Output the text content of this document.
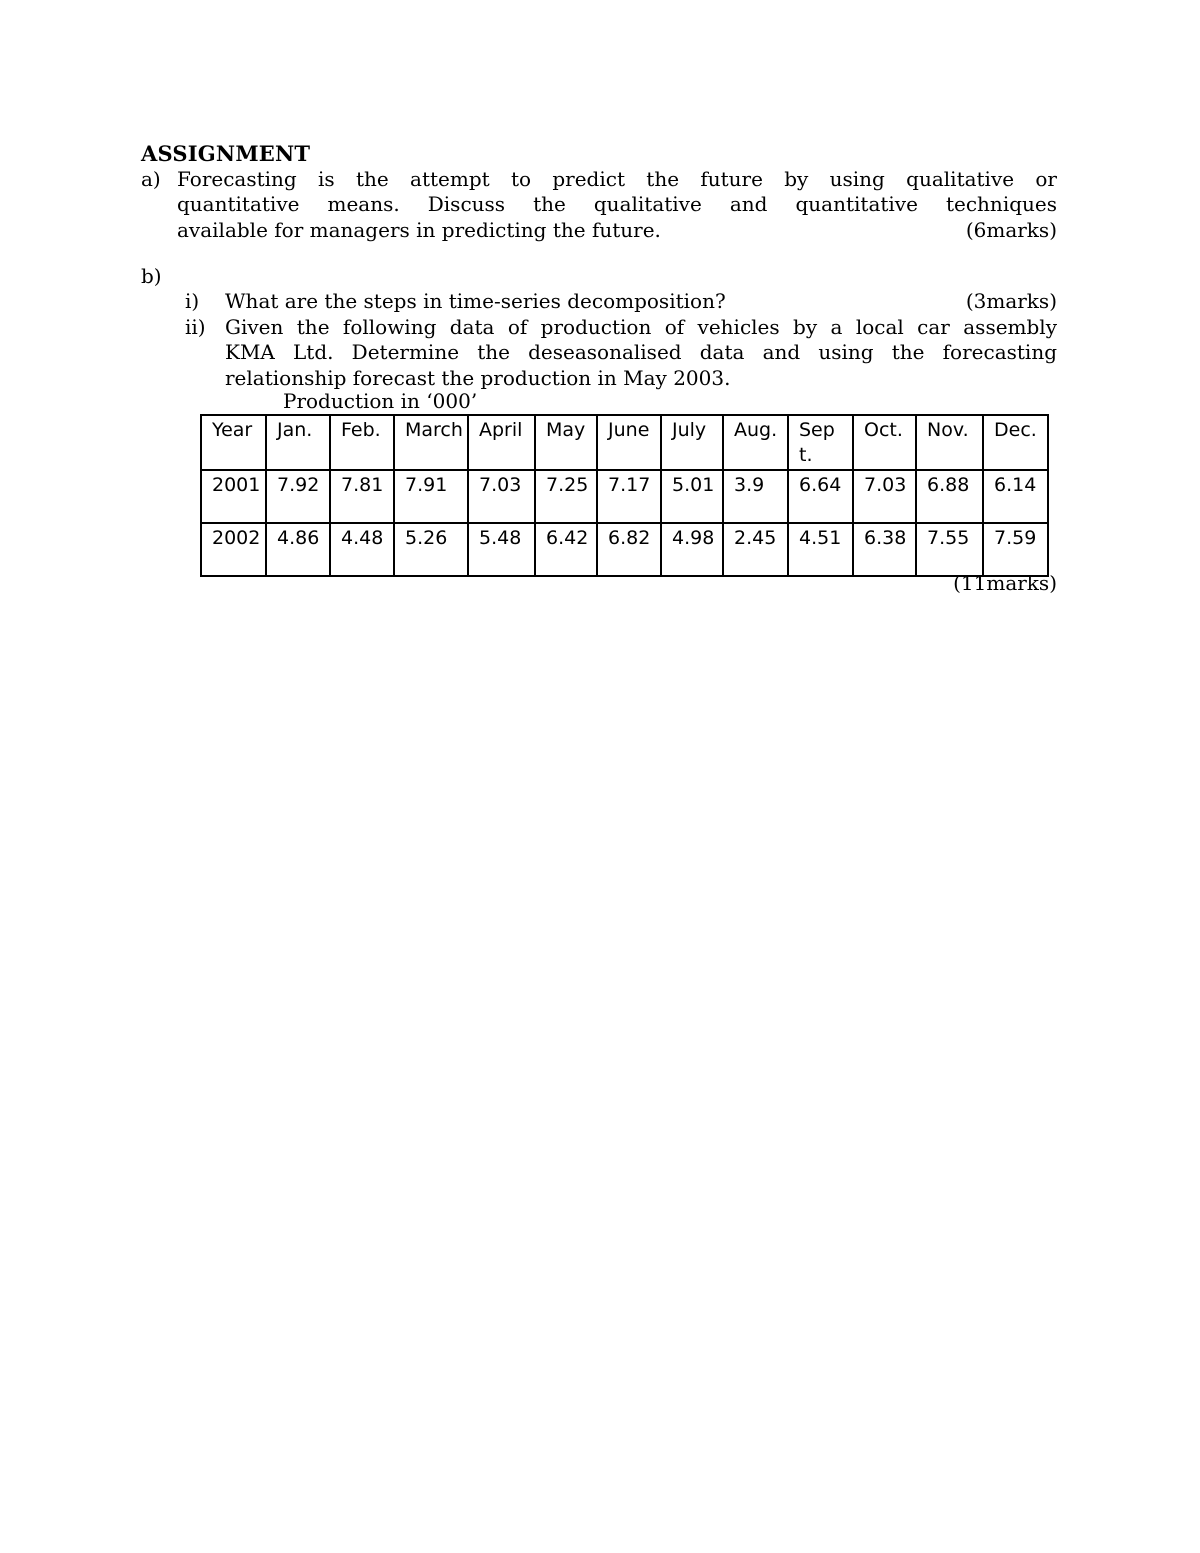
ASSIGNMENT
a) Forecasting is the attempt to predict the future by using qualitative or
quantitative means. Discuss the qualitative and quantitative techniques
available for managers in predicting the future.	(6marks)
b)
i) What are the steps in time-series decomposition?	(3marks)
ii) Given the following data of production of vehicles by a local car assembly
KMA Ltd. Determine the deseasonalised data and using the forecasting
relationship forecast the production in May 2003.
Production in ‘000’
Year	Jan.	Feb.	March	April	May	June	July	Aug.	Sept.	Oct.	Nov.	Dec.
2001	7.92	7.81	7.91	7.03	7.25	7.17	5.01	3.9	6.64	7.03	6.88	6.14
2002	4.86	4.48	5.26	5.48	6.42	6.82	4.98	2.45	4.51	6.38	7.55	7.59
(11marks)
